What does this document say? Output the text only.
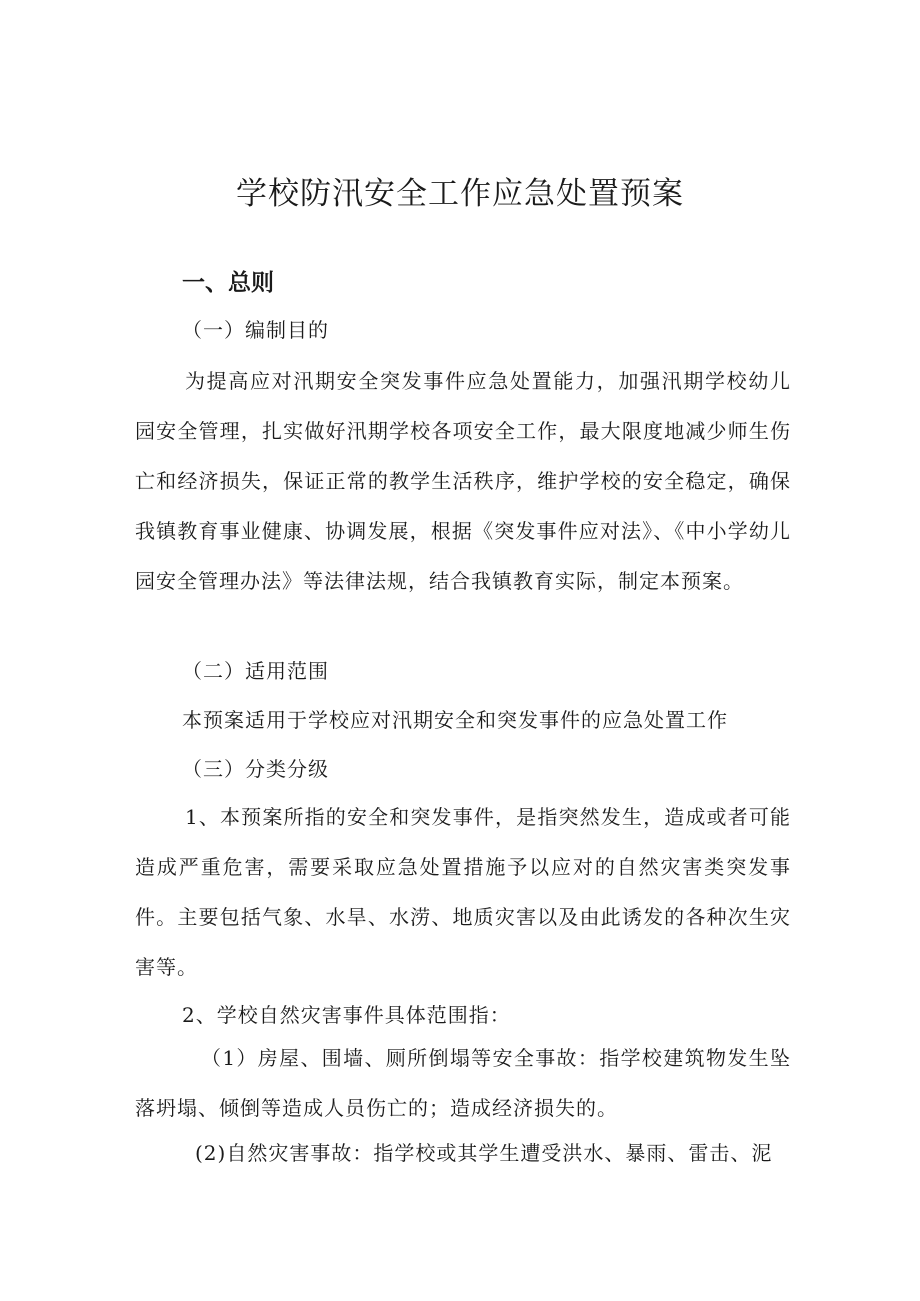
学校防汛安全工作应急处置预案
一、总则

（一）编制目的

为提高应对汛期安全突发事件应急处置能力，加强汛期学校幼儿园安全管理，扎实做好汛期学校各项安全工作，最大限度地减少师生伤亡和经济损失，保证正常的教学生活秩序，维护学校的安全稳定，确保我镇教育事业健康、协调发展，根据《突发事件应对法》、《中小学幼儿园安全管理办法》等法律法规，结合我镇教育实际，制定本预案。

（二）适用范围

本预案适用于学校应对汛期安全和突发事件的应急处置工作

（三）分类分级

1、本预案所指的安全和突发事件，是指突然发生，造成或者可能造成严重危害，需要采取应急处置措施予以应对的自然灾害类突发事件。主要包括气象、水旱、水涝、地质灾害以及由此诱发的各种次生灾害等。

2、学校自然灾害事件具体范围指：

（1）房屋、围墙、厕所倒塌等安全事故：指学校建筑物发生坠落坍塌、倾倒等造成人员伤亡的；造成经济损失的。

(2)自然灾害事故：指学校或其学生遭受洪水、暴雨、雷击、泥
